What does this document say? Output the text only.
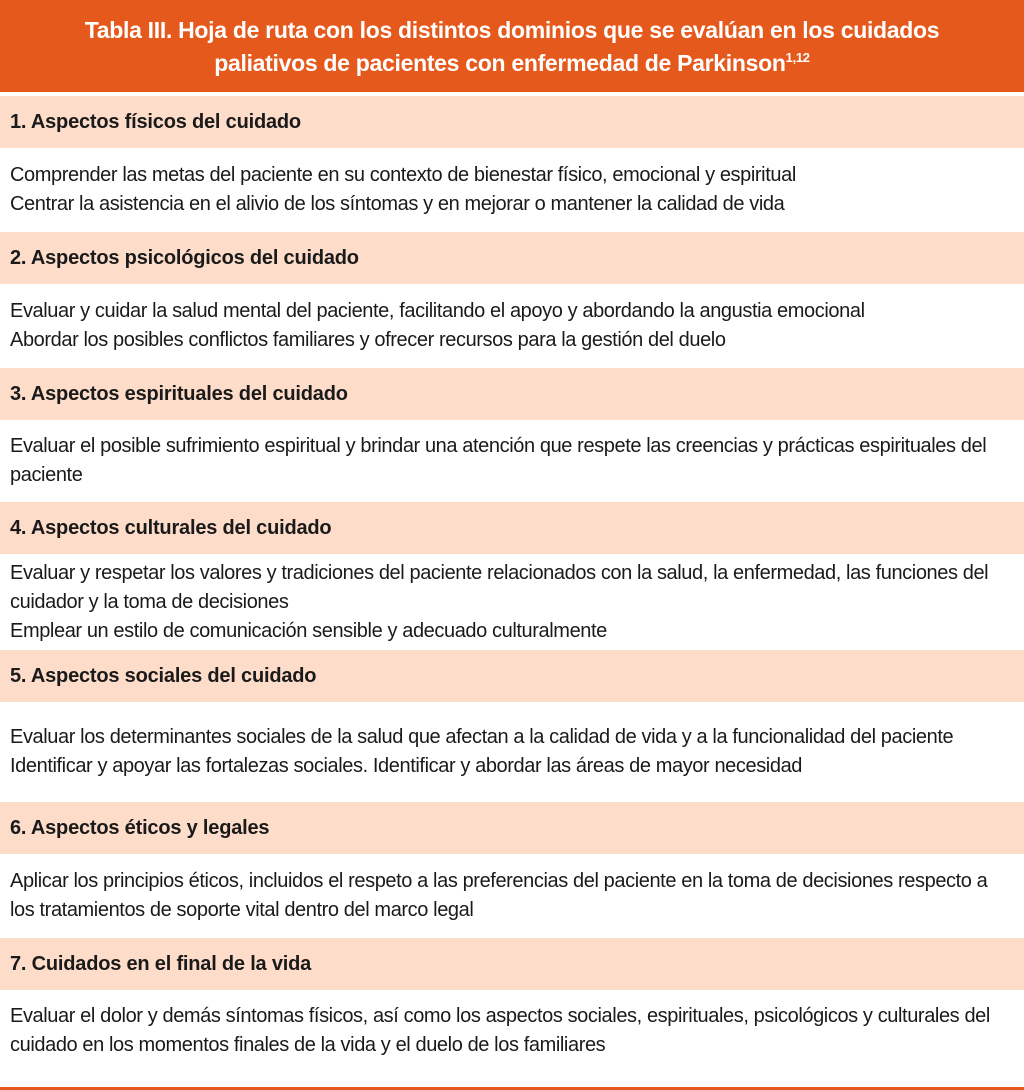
Tabla III. Hoja de ruta con los distintos dominios que se evalúan en los cuidados
paliativos de pacientes con enfermedad de Parkinson$^{1,12}$
1. Aspectos físicos del cuidado

Comprender las metas del paciente en su contexto de bienestar físico, emocional y espiritual

Centrar la asistencia en el alivio de los síntomas y en mejorar o mantener la calidad de vida

2. Aspectos psicológicos del cuidado

Evaluar y cuidar la salud mental del paciente, facilitando el apoyo y abordando la angustia emocional

Abordar los posibles conflictos familiares y ofrecer recursos para la gestión del duelo

3. Aspectos espirituales del cuidado

Evaluar el posible sufrimiento espiritual y brindar una atención que respete las creencias y prácticas espirituales del paciente

4. Aspectos culturales del cuidado

Evaluar y respetar los valores y tradiciones del paciente relacionados con la salud, la enfermedad, las funciones del cuidador y la toma de decisiones

Emplear un estilo de comunicación sensible y adecuado culturalmente

5. Aspectos sociales del cuidado

Evaluar los determinantes sociales de la salud que afectan a la calidad de vida y a la funcionalidad del paciente

Identificar y apoyar las fortalezas sociales. Identificar y abordar las áreas de mayor necesidad

6. Aspectos éticos y legales

Aplicar los principios éticos, incluidos el respeto a las preferencias del paciente en la toma de decisiones respecto a los tratamientos de soporte vital dentro del marco legal

7. Cuidados en el final de la vida

Evaluar el dolor y demás síntomas físicos, así como los aspectos sociales, espirituales, psicológicos y culturales del cuidado en los momentos finales de la vida y el duelo de los familiares
